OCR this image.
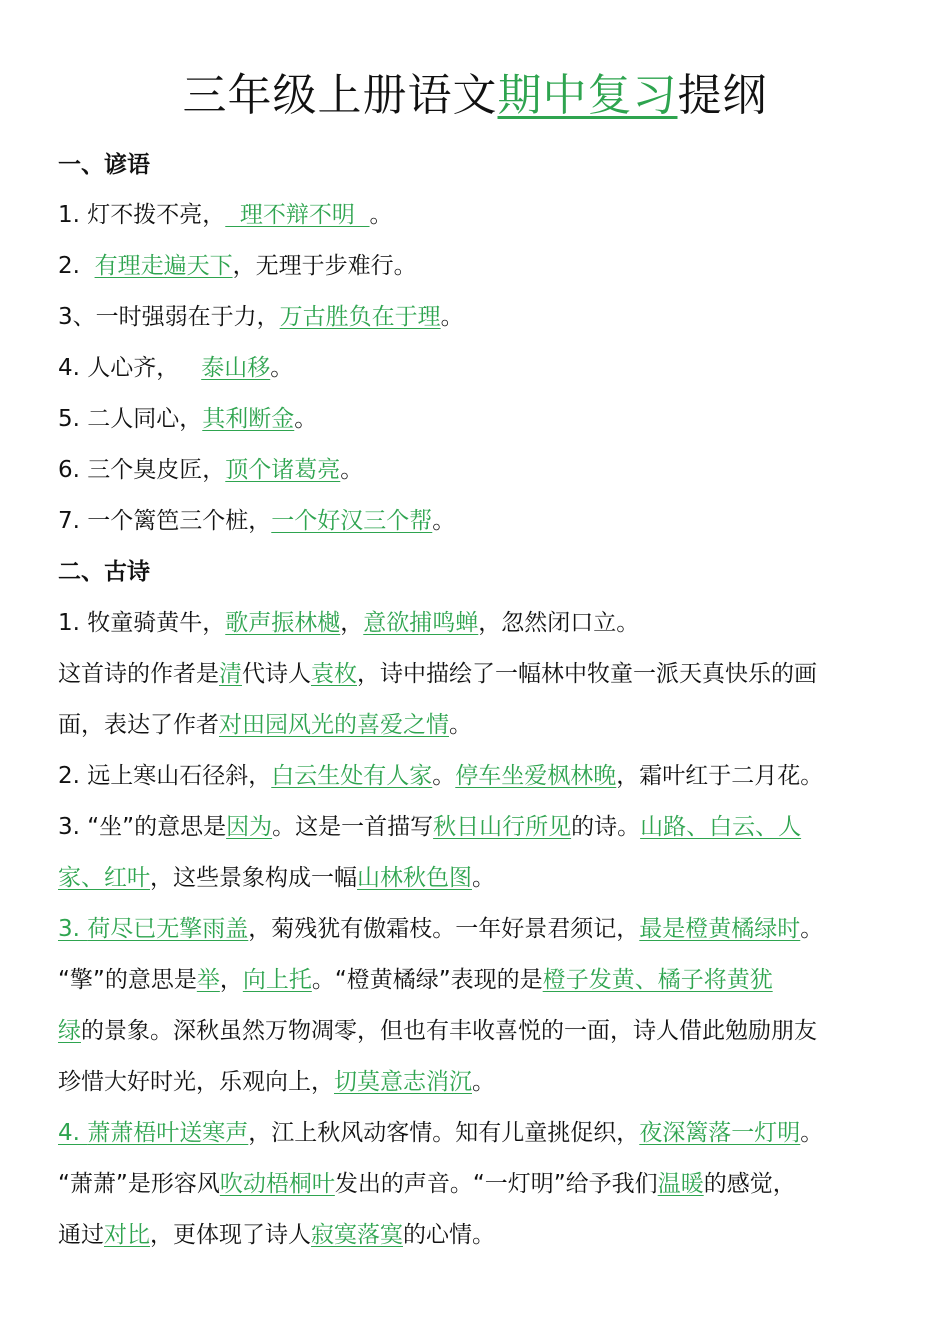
三年级上册语文期中复习提纲
一、谚语
1. 灯不拨不亮，  理不辩不明  。
2.  有理走遍天下，无理于步难行。
3、一时强弱在于力，万古胜负在于理。
4. 人心齐，   泰山移。
5. 二人同心，其利断金。
6. 三个臭皮匠，顶个诸葛亮。
7. 一个篱笆三个桩，一个好汉三个帮。
二、古诗
1. 牧童骑黄牛，歌声振林樾，意欲捕鸣蝉，忽然闭口立。
这首诗的作者是清代诗人袁枚，诗中描绘了一幅林中牧童一派天真快乐的画
面，表达了作者对田园风光的喜爱之情。
2. 远上寒山石径斜，白云生处有人家。停车坐爱枫林晚，霜叶红于二月花。
3. “坐”的意思是因为。这是一首描写秋日山行所见的诗。山路、白云、人
家、红叶，这些景象构成一幅山林秋色图。
3. 荷尽已无擎雨盖，菊残犹有傲霜枝。一年好景君须记，最是橙黄橘绿时。
“擎”的意思是举，向上托。“橙黄橘绿”表现的是橙子发黄、橘子将黄犹
绿的景象。深秋虽然万物凋零，但也有丰收喜悦的一面，诗人借此勉励朋友
珍惜大好时光，乐观向上，切莫意志消沉。
4. 萧萧梧叶送寒声，江上秋风动客情。知有儿童挑促织，夜深篱落一灯明。
“萧萧”是形容风吹动梧桐叶发出的声音。“一灯明”给予我们温暖的感觉，
通过对比，更体现了诗人寂寞落寞的心情。
